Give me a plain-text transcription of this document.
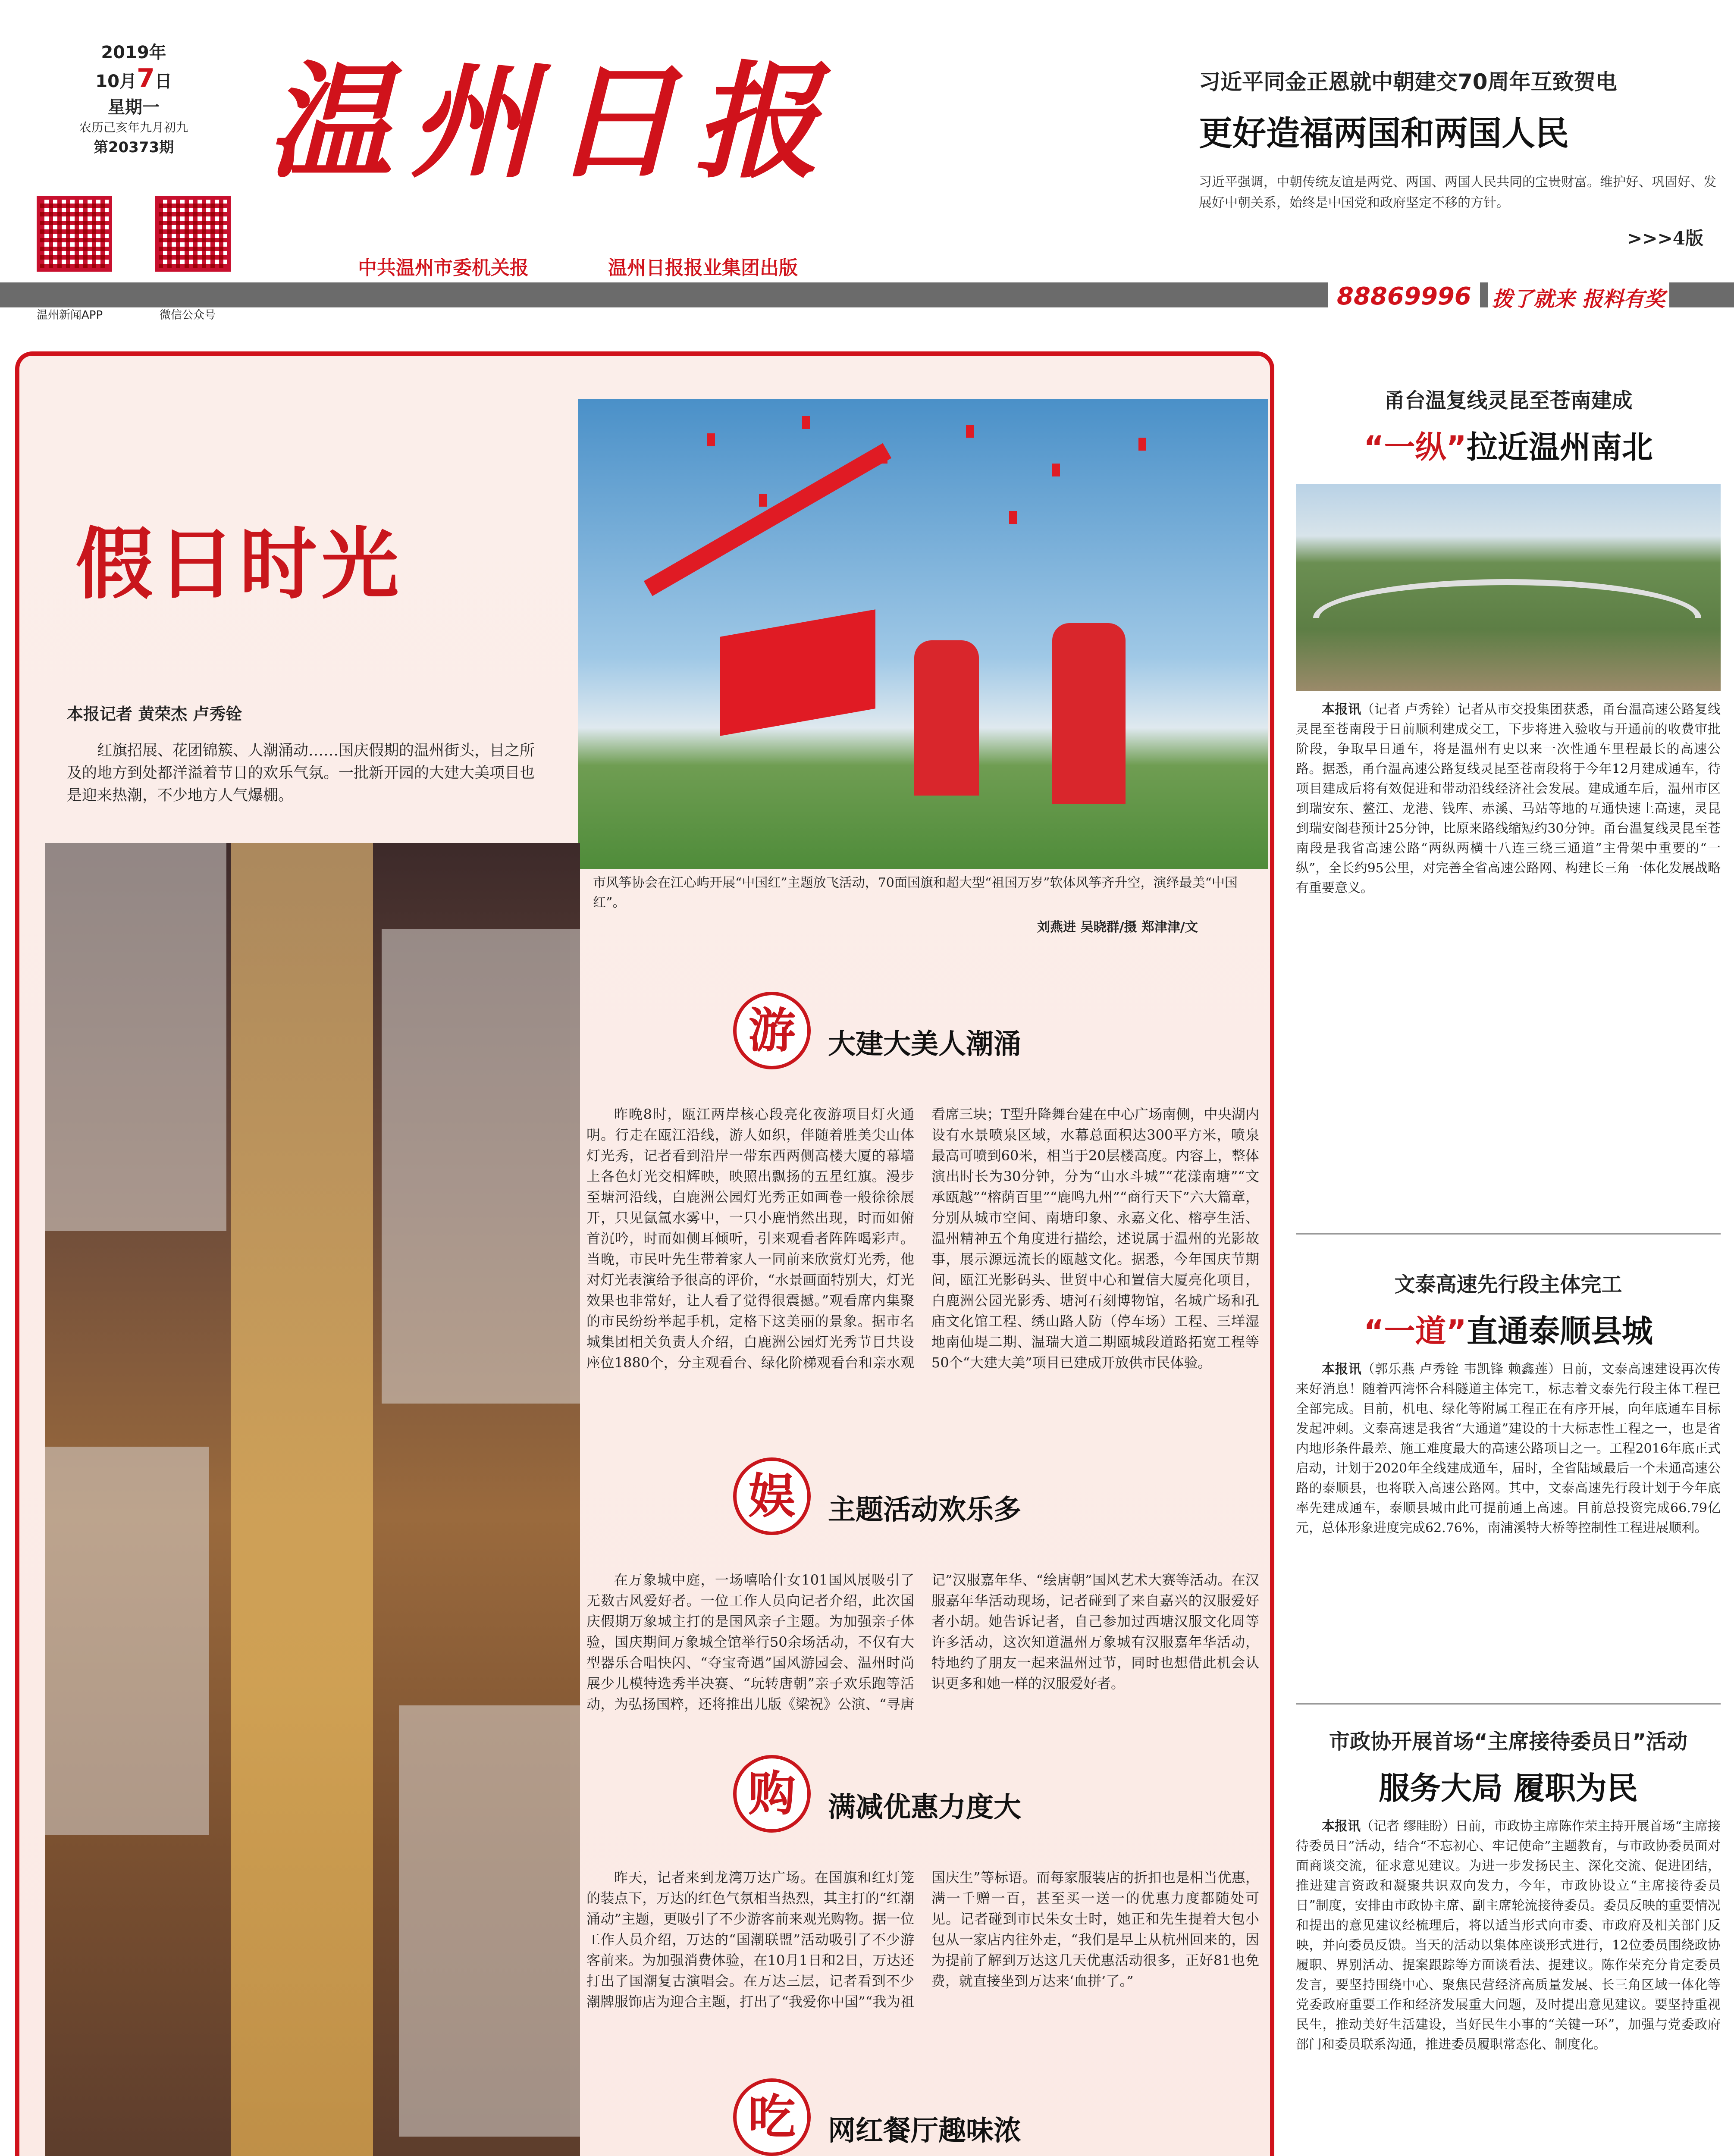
2019年
10月7日
星期一
农历己亥年九月初九
第20373期
温州新闻APP	微信公众号
温州日报
中共温州市委机关报	温州日报报业集团出版
习近平同金正恩就中朝建交70周年互致贺电
更好造福两国和两国人民
习近平强调，中朝传统友谊是两党、两国、两国人民共同的宝贵财富。维护好、巩固好、发展好中朝关系，始终是中国党和政府坚定不移的方针。
>>>4版
88869996	拨了就来 报料有奖
假日时光
本报记者 黄荣杰 卢秀铨
红旗招展、花团锦簇、人潮涌动……国庆假期的温州街头，目之所及的地方到处都洋溢着节日的欢乐气氛。一批新开园的大建大美项目也是迎来热潮，不少地方人气爆棚。
市风筝协会在江心屿开展“中国红”主题放飞活动，70面国旗和超大型“祖国万岁”软体风筝齐升空，演绎最美“中国红”。
刘燕进 吴晓群/摄 郑津津/文
游	大建大美人潮涌
昨晚8时，瓯江两岸核心段亮化夜游项目灯火通明。行走在瓯江沿线，游人如织，伴随着胜美尖山体灯光秀，记者看到沿岸一带东西两侧高楼大厦的幕墙上各色灯光交相辉映，映照出飘扬的五星红旗。漫步至塘河沿线，白鹿洲公园灯光秀正如画卷一般徐徐展开，只见氤氲水雾中，一只小鹿悄然出现，时而如俯首沉吟，时而如侧耳倾听，引来观看者阵阵喝彩声。当晚，市民叶先生带着家人一同前来欣赏灯光秀，他对灯光表演给予很高的评价，“水景画面特别大，灯光效果也非常好，让人看了觉得很震撼。”观看席内集聚的市民纷纷举起手机，定格下这美丽的景象。据市名城集团相关负责人介绍，白鹿洲公园灯光秀节目共设座位1880个，分主观看台、绿化阶梯观看台和亲水观看席三块；T型升降舞台建在中心广场南侧，中央湖内设有水景喷泉区域，水幕总面积达300平方米，喷泉最高可喷到60米，相当于20层楼高度。内容上，整体演出时长为30分钟，分为“山水斗城”“花漾南塘”“文承瓯越”“榕荫百里”“鹿鸣九州”“商行天下”六大篇章，分别从城市空间、南塘印象、永嘉文化、榕亭生活、温州精神五个角度进行描绘，述说属于温州的光影故事，展示源远流长的瓯越文化。据悉，今年国庆节期间，瓯江光影码头、世贸中心和置信大厦亮化项目，白鹿洲公园光影秀、塘河石刻博物馆，名城广场和孔庙文化馆工程、绣山路人防（停车场）工程、三垟湿地南仙堤二期、温瑞大道二期瓯城段道路拓宽工程等50个“大建大美”项目已建成开放供市民体验。
娱	主题活动欢乐多
在万象城中庭，一场嘻哈什女101国风展吸引了无数古风爱好者。一位工作人员向记者介绍，此次国庆假期万象城主打的是国风亲子主题。为加强亲子体验，国庆期间万象城全馆举行50余场活动，不仅有大型器乐合唱快闪、“夺宝奇遇”国风游园会、温州时尚展少儿模特选秀半决赛、“玩转唐朝”亲子欢乐跑等活动，为弘扬国粹，还将推出儿版《梁祝》公演、“寻唐记”汉服嘉年华、“绘唐朝”国风艺术大赛等活动。在汉服嘉年华活动现场，记者碰到了来自嘉兴的汉服爱好者小胡。她告诉记者，自己参加过西塘汉服文化周等许多活动，这次知道温州万象城有汉服嘉年华活动，特地约了朋友一起来温州过节，同时也想借此机会认识更多和她一样的汉服爱好者。
购	满减优惠力度大
昨天，记者来到龙湾万达广场。在国旗和红灯笼的装点下，万达的红色气氛相当热烈，其主打的“红潮涌动”主题，更吸引了不少游客前来观光购物。据一位工作人员介绍，万达的“国潮联盟”活动吸引了不少游客前来。为加强消费体验，在10月1日和2日，万达还打出了国潮复古演唱会。在万达三层，记者看到不少潮牌服饰店为迎合主题，打出了“我爱你中国”“我为祖国庆生”等标语。而每家服装店的折扣也是相当优惠，满一千赠一百，甚至买一送一的优惠力度都随处可见。记者碰到市民朱女士时，她正和先生提着大包小包从一家店内往外走，“我们是早上从杭州回来的，因为提前了解到万达这几天优惠活动很多，正好81也免费，就直接坐到万达来‘血拼’了。”
吃	网红餐厅趣味浓
甬台温复线灵昆至苍南建成
“一纵”拉近温州南北
本报讯（记者 卢秀铨）记者从市交投集团获悉，甬台温高速公路复线灵昆至苍南段于日前顺利建成交工，下步将进入验收与开通前的收费审批阶段，争取早日通车，将是温州有史以来一次性通车里程最长的高速公路。据悉，甬台温高速公路复线灵昆至苍南段将于今年12月建成通车，待项目建成后将有效促进和带动沿线经济社会发展。建成通车后，温州市区到瑞安东、鳌江、龙港、钱库、赤溪、马站等地的互通快速上高速，灵昆到瑞安阁巷预计25分钟，比原来路线缩短约30分钟。甬台温复线灵昆至苍南段是我省高速公路“两纵两横十八连三绕三通道”主骨架中重要的“一纵”，全长约95公里，对完善全省高速公路网、构建长三角一体化发展战略有重要意义。
文泰高速先行段主体完工
“一道”直通泰顺县城
本报讯（郭乐燕 卢秀铨 韦凯锋 赖鑫莲）日前，文泰高速建设再次传来好消息！随着西湾怀合科隧道主体完工，标志着文泰先行段主体工程已全部完成。目前，机电、绿化等附属工程正在有序开展，向年底通车目标发起冲刺。文泰高速是我省“大通道”建设的十大标志性工程之一，也是省内地形条件最差、施工难度最大的高速公路项目之一。工程2016年底正式启动，计划于2020年全线建成通车，届时，全省陆域最后一个未通高速公路的泰顺县，也将联入高速公路网。其中，文泰高速先行段计划于今年底率先建成通车，泰顺县城由此可提前通上高速。目前总投资完成66.79亿元，总体形象进度完成62.76%，南浦溪特大桥等控制性工程进展顺利。
市政协开展首场“主席接待委员日”活动
服务大局 履职为民
本报讯（记者 缪眭盼）日前，市政协主席陈作荣主持开展首场“主席接待委员日”活动，结合“不忘初心、牢记使命”主题教育，与市政协委员面对面商谈交流，征求意见建议。为进一步发扬民主、深化交流、促进团结，推进建言资政和凝聚共识双向发力，今年，市政协设立“主席接待委员日”制度，安排由市政协主席、副主席轮流接待委员。委员反映的重要情况和提出的意见建议经梳理后，将以适当形式向市委、市政府及相关部门反映，并向委员反馈。当天的活动以集体座谈形式进行，12位委员围绕政协履职、界别活动、提案跟踪等方面谈看法、提建议。陈作荣充分肯定委员发言，要坚持围绕中心、聚焦民营经济高质量发展、长三角区域一体化等党委政府重要工作和经济发展重大问题，及时提出意见建议。要坚持重视民生，推动美好生活建设，当好民生小事的“关键一环”，加强与党委政府部门和委员联系沟通，推进委员履职常态化、制度化。
